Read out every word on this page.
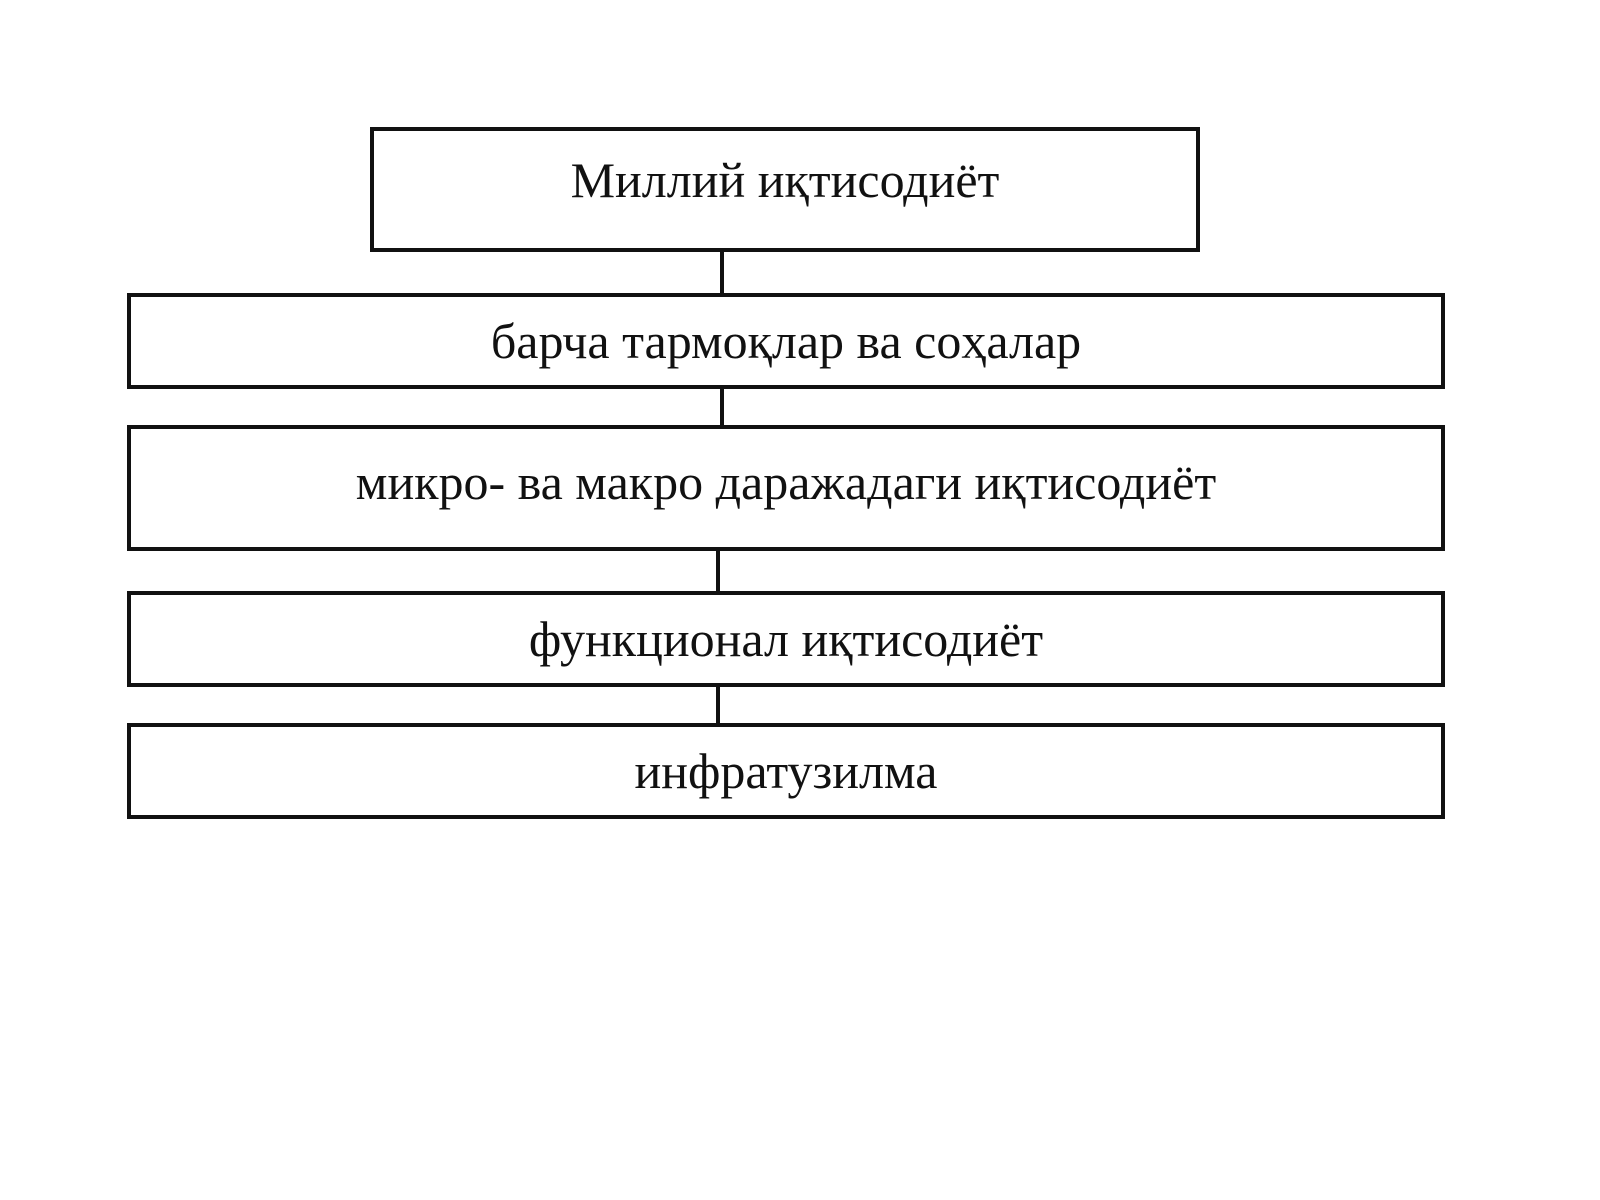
Миллий иқтисодиёт
барча тармоқлар ва соҳалар
микро- ва макро даражадаги иқтисодиёт
функционал иқтисодиёт
инфратузилма
